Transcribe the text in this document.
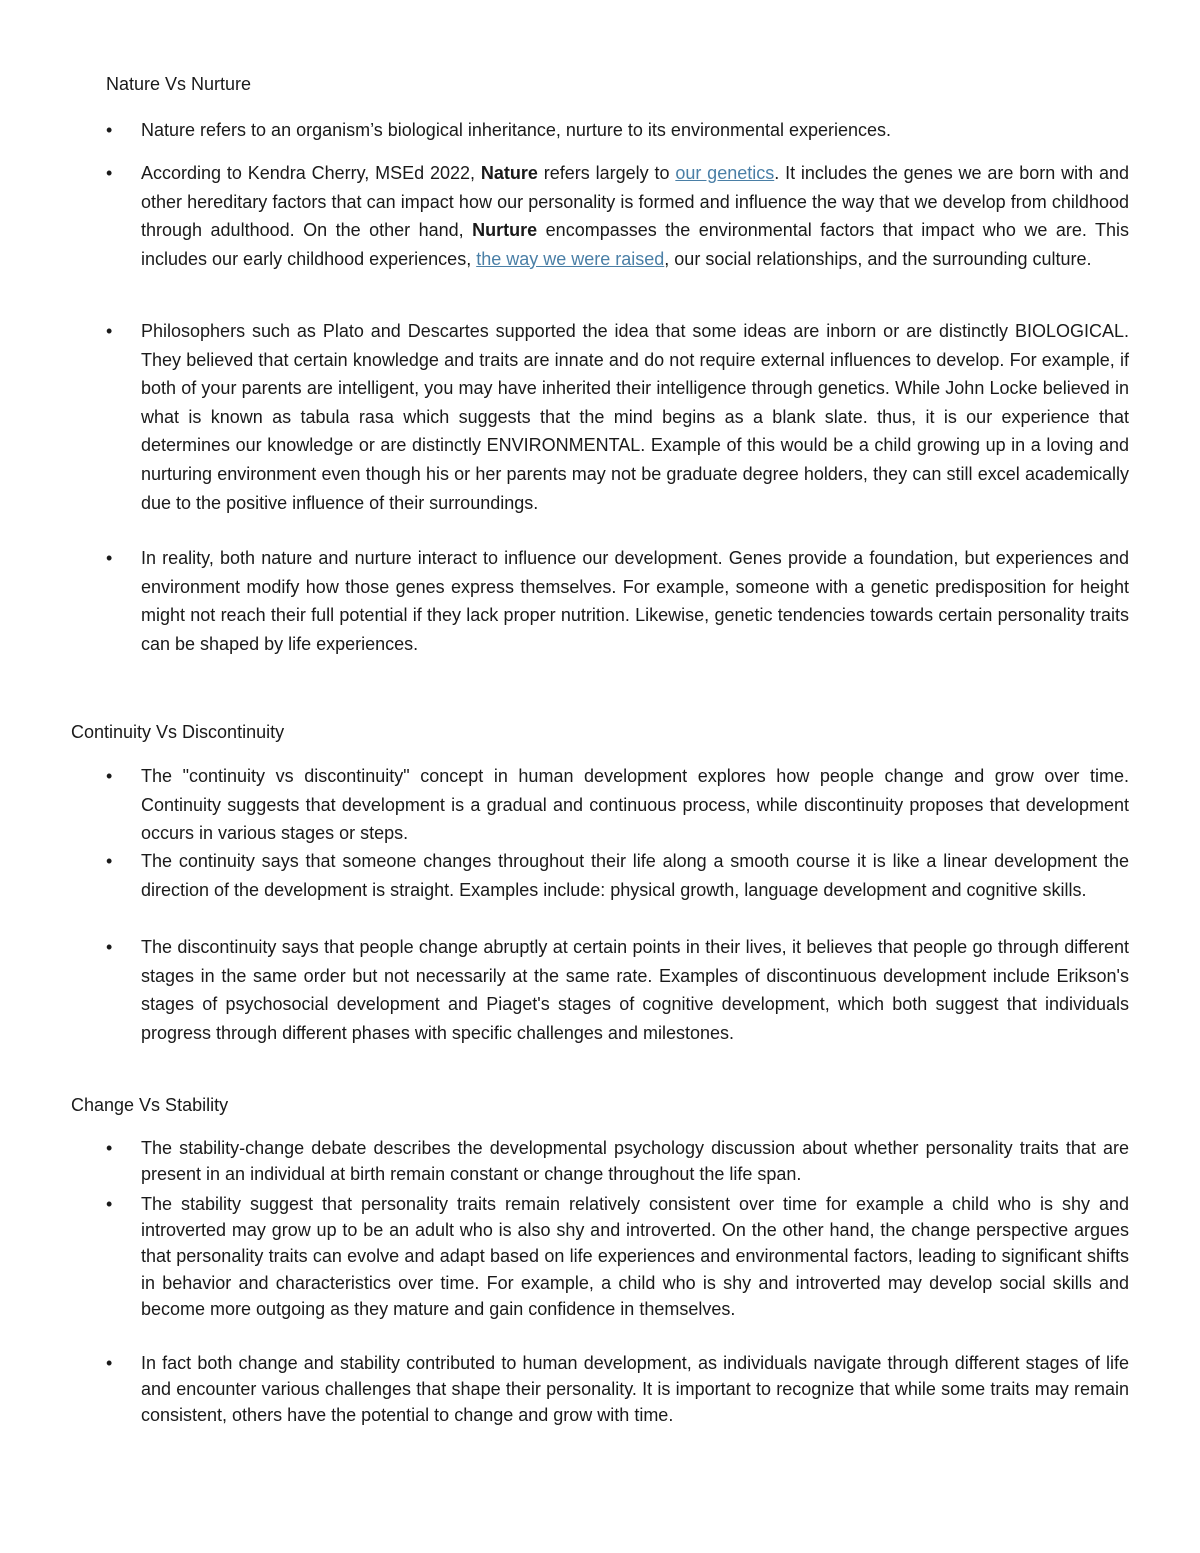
Nature Vs Nurture

• Nature refers to an organism’s biological inheritance, nurture to its environmental experiences.

• According to Kendra Cherry, MSEd 2022, Nature refers largely to our genetics. It includes the genes we are born with and other hereditary factors that can impact how our personality is formed and influence the way that we develop from childhood through adulthood. On the other hand, Nurture encompasses the environmental factors that impact who we are. This includes our early childhood experiences, the way we were raised, our social relationships, and the surrounding culture.

• Philosophers such as Plato and Descartes supported the idea that some ideas are inborn or are distinctly BIOLOGICAL. They believed that certain knowledge and traits are innate and do not require external influences to develop. For example, if both of your parents are intelligent, you may have inherited their intelligence through genetics. While John Locke believed in what is known as tabula rasa which suggests that the mind begins as a blank slate. thus, it is our experience that determines our knowledge or are distinctly ENVIRONMENTAL. Example of this would be a child growing up in a loving and nurturing environment even though his or her parents may not be graduate degree holders, they can still excel academically due to the positive influence of their surroundings.

• In reality, both nature and nurture interact to influence our development. Genes provide a foundation, but experiences and environment modify how those genes express themselves. For example, someone with a genetic predisposition for height might not reach their full potential if they lack proper nutrition. Likewise, genetic tendencies towards certain personality traits can be shaped by life experiences.

Continuity Vs Discontinuity

• The "continuity vs discontinuity" concept in human development explores how people change and grow over time. Continuity suggests that development is a gradual and continuous process, while discontinuity proposes that development occurs in various stages or steps.

• The continuity says that someone changes throughout their life along a smooth course it is like a linear development the direction of the development is straight. Examples include: physical growth, language development and cognitive skills.

• The discontinuity says that people change abruptly at certain points in their lives, it believes that people go through different stages in the same order but not necessarily at the same rate. Examples of discontinuous development include Erikson's stages of psychosocial development and Piaget's stages of cognitive development, which both suggest that individuals progress through different phases with specific challenges and milestones.

Change Vs Stability

• The stability-change debate describes the developmental psychology discussion about whether personality traits that are present in an individual at birth remain constant or change throughout the life span.

• The stability suggest that personality traits remain relatively consistent over time for example a child who is shy and introverted may grow up to be an adult who is also shy and introverted. On the other hand, the change perspective argues that personality traits can evolve and adapt based on life experiences and environmental factors, leading to significant shifts in behavior and characteristics over time. For example, a child who is shy and introverted may develop social skills and become more outgoing as they mature and gain confidence in themselves.

• In fact both change and stability contributed to human development, as individuals navigate through different stages of life and encounter various challenges that shape their personality. It is important to recognize that while some traits may remain consistent, others have the potential to change and grow with time.
